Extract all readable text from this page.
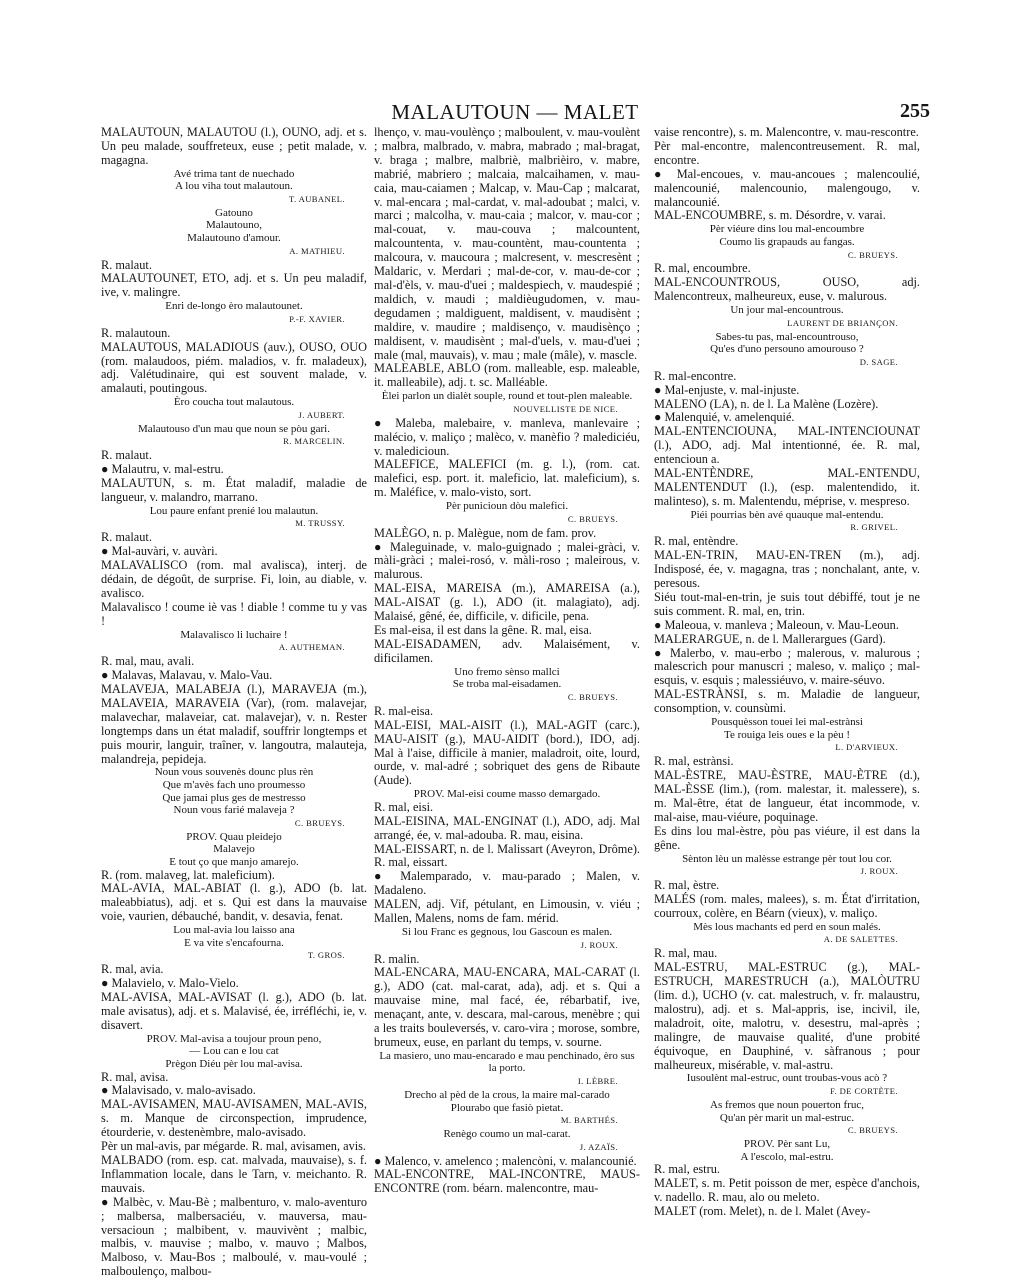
MALAUTOUN — MALET	255

MALAUTOUN, MALAUTOU (l.), OUNO, adj. et s. Un peu malade, souffreteux, euse ; petit malade, v. magagna.

Avé trima tant de nuechado

A lou viha tout malautoun.

T. AUBANEL.

Gatouno

Malautouno,

Malautouno d'amour.

A. MATHIEU.

R. malaut.

MALAUTOUNET, ETO, adj. et s. Un peu maladif, ive, v. malingre.

Enri de-longo èro malautounet.

P.-F. XAVIER.

R. malautoun.

MALAUTOUS, MALADIOUS (auv.), OUSO, OUO (rom. malaudoos, piém. maladios, v. fr. maladeux), adj. Valétudinaire, qui est souvent malade, v. amalauti, poutingous.

Èro coucha tout malautous.

J. AUBERT.

Malautouso d'un mau que noun se pòu gari.

R. MARCELIN.

R. malaut.

● Malautru, v. mal-estru.

MALAUTUN, s. m. État maladif, maladie de langueur, v. malandro, marrano.

Lou paure enfant prenié lou malautun.

M. TRUSSY.

R. malaut.

● Mal-auvàri, v. auvàri.

MALAVALISCO (rom. mal avalisca), interj. de dédain, de dégoût, de surprise. Fi, loin, au diable, v. avalisco.

Malavalisco ! coume iè vas ! diable ! comme tu y vas !

Malavalisco li luchaire !

A. AUTHEMAN.

R. mal, mau, avali.

● Malavas, Malavau, v. Malo-Vau.

MALAVEJA, MALABEJA (l.), MARAVEJA (m.), MALAVEIA, MARAVEIA (Var), (rom. malavejar, malavechar, malaveiar, cat. malavejar), v. n. Rester longtemps dans un état maladif, souffrir longtemps et puis mourir, languir, traîner, v. langoutra, malauteja, malandreja, pepideja.

Noun vous souvenès dounc plus rèn

Que m'avès fach uno proumesso

Que jamai plus ges de mestresso

Noun vous farié malaveja ?

C. BRUEYS.

PROV. Quau pleidejo

Malavejo

E tout ço que manjo amarejo.

R. (rom. malaveg, lat. maleficium).

MAL-AVIA, MAL-ABIAT (l. g.), ADO (b. lat. maleabbiatus), adj. et s. Qui est dans la mauvaise voie, vaurien, débauché, bandit, v. desavia, fenat.

Lou mal-avia lou laisso ana

E va vite s'encafourna.

T. GROS.

R. mal, avia.

● Malavielo, v. Malo-Vielo.

MAL-AVISA, MAL-AVISAT (l. g.), ADO (b. lat. male avisatus), adj. et s. Malavisé, ée, irréfléchi, ie, v. disavert.

PROV. Mal-avisa a toujour proun peno,

— Lou can e lou cat

Prègon Diéu pèr lou mal-avisa.

R. mal, avisa.

● Malavisado, v. malo-avisado.

MAL-AVISAMEN, MAU-AVISAMEN, MAL-AVIS, s. m. Manque de circonspection, imprudence, étourderie, v. destenèmbre, malo-avisado.

Pèr un mal-avis, par mégarde. R. mal, avisamen, avis.

MALBADO (rom. esp. cat. malvada, mauvaise), s. f. Inflammation locale, dans le Tarn, v. meichanto. R. mauvais.

● Malbèc, v. Mau-Bè ; malbenturo, v. malo-aventuro ; malbersa, malbersaciéu, v. mauversa, mau-versacioun ; malbibent, v. mauvivènt ; malbic, malbis, v. mauvise ; malbo, v. mauvo ; Malbos, Malboso, v. Mau-Bos ; malboulé, v. mau-voulé ; malboulenço, malbou-

lhenço, v. mau-voulènço ; malboulent, v. mau-voulènt ; malbra, malbrado, v. mabra, mabrado ; mal-bragat, v. braga ; malbre, malbriè, malbrièiro, v. mabre, mabrié, mabriero ; malcaia, malcaihamen, v. mau-caia, mau-caiamen ; Malcap, v. Mau-Cap ; malcarat, v. mal-encara ; mal-cardat, v. mal-adoubat ; malci, v. marci ; malcolha, v. mau-caia ; malcor, v. mau-cor ; mal-couat, v. mau-couva ; malcountent, malcountenta, v. mau-countènt, mau-countenta ; malcoura, v. maucoura ; malcresent, v. mescresènt ; Maldaric, v. Merdari ; mal-de-cor, v. mau-de-cor ; mal-d'èls, v. mau-d'uei ; maldespiech, v. maudespié ; maldich, v. maudi ; maldièugudomen, v. mau-degudamen ; maldiguent, maldisent, v. maudisènt ; maldire, v. maudire ; maldisenço, v. maudisènço ; maldisent, v. maudisènt ; mal-d'uels, v. mau-d'uei ; male (mal, mauvais), v. mau ; male (mâle), v. mascle.

MALEABLE, ABLO (rom. malleable, esp. maleable, it. malleabile), adj. t. sc. Malléable.

Èlei parlon un dialèt souple, round et tout-plen maleable.

NOUVELLISTE DE NICE.

● Maleba, malebaire, v. manleva, manlevaire ; malécio, v. maliço ; malèco, v. manèfio ? malediciéu, v. maledicioun.

MALEFICE, MALEFICI (m. g. l.), (rom. cat. malefici, esp. port. it. maleficio, lat. maleficium), s. m. Maléfice, v. malo-visto, sort.

Pèr punicioun dòu malefici.

C. BRUEYS.

MALÈGO, n. p. Malègue, nom de fam. prov.

● Maleguinade, v. malo-guignado ; malei-gràci, v. màli-gràci ; malei-rosó, v. màli-roso ; maleirous, v. malurous.

MAL-EISA, MAREISA (m.), AMAREISA (a.), MAL-AISAT (g. l.), ADO (it. malagiato), adj. Malaisé, gêné, ée, difficile, v. dificile, pena.

Es mal-eisa, il est dans la gêne. R. mal, eisa.

MAL-EISADAMEN, adv. Malaisément, v. dificilamen.

Uno fremo sènso mallci

Se troba mal-eisadamen.

C. BRUEYS.

R. mal-eisa.

MAL-EISI, MAL-AISIT (l.), MAL-AGIT (carc.), MAU-AISIT (g.), MAU-AIDIT (bord.), IDO, adj. Mal à l'aise, difficile à manier, maladroit, oite, lourd, ourde, v. mal-adré ; sobriquet des gens de Ribaute (Aude).

PROV. Mal-eisi coume masso demargado.

R. mal, eisi.

MAL-EISINA, MAL-ENGINAT (l.), ADO, adj. Mal arrangé, ée, v. mal-adouba. R. mau, eisina.

MAL-EISSART, n. de l. Malissart (Aveyron, Drôme). R. mal, eissart.

● Malemparado, v. mau-parado ; Malen, v. Madaleno.

MALEN, adj. Vif, pétulant, en Limousin, v. viéu ; Mallen, Malens, noms de fam. mérid.

Si lou Franc es gegnous, lou Gascoun es malen.

J. ROUX.

R. malin.

MAL-ENCARA, MAU-ENCARA, MAL-CARAT (l. g.), ADO (cat. mal-carat, ada), adj. et s. Qui a mauvaise mine, mal facé, ée, rébarbatif, ive, menaçant, ante, v. descara, mal-carous, menèbre ; qui a les traits bouleversés, v. caro-vira ; morose, sombre, brumeux, euse, en parlant du temps, v. sourne.

La masiero, uno mau-encarado e mau penchinado, èro sus la porto.

I. LÈBRE.

Drecho al pèd de la crous, la maire mal-carado

Plourabo que fasiò pietat.

M. BARTHÉS.

Renègo coumo un mal-carat.

J. AZAÏS.

● Malenco, v. amelenco ; malencòni, v. malancounié.

MAL-ENCONTRE, MAL-INCONTRE, MAUS-ENCONTRE (rom. béarn. malencontre, mau-

vaise rencontre), s. m. Malencontre, v. mau-rescontre.

Pèr mal-encontre, malencontreusement. R. mal, encontre.

● Mal-encoues, v. mau-ancoues ; malencoulié, malencounié, malencounio, malengougo, v. malancounié.

MAL-ENCOUMBRE, s. m. Désordre, v. varai.

Pèr viéure dins lou mal-encoumbre

Coumo lis grapauds au fangas.

C. BRUEYS.

R. mal, encoumbre.

MAL-ENCOUNTROUS, OUSO, adj. Malencontreux, malheureux, euse, v. malurous.

Un jour mal-encountrous.

LAURENT DE BRIANÇON.

Sabes-tu pas, mal-encountrouso,

Qu'es d'uno persouno amourouso ?

D. SAGE.

R. mal-encontre.

● Mal-enjuste, v. mal-injuste.

MALENO (LA), n. de l. La Malène (Lozère).

● Malenquié, v. amelenquié.

MAL-ENTENCIOUNA, MAL-INTENCIOUNAT (l.), ADO, adj. Mal intentionné, ée. R. mal, entencioun a.

MAL-ENTÈNDRE, MAL-ENTENDU, MALENTENDUT (l.), (esp. malentendido, it. malinteso), s. m. Malentendu, méprise, v. mespreso.

Piéi pourrias bèn avé quauque mal-entendu.

R. GRIVEL.

R. mal, entèndre.

MAL-EN-TRIN, MAU-EN-TREN (m.), adj. Indisposé, ée, v. magagna, tras ; nonchalant, ante, v. peresous.

Siéu tout-mal-en-trin, je suis tout débiffé, tout je ne suis comment. R. mal, en, trin.

● Maleoua, v. manleva ; Maleoun, v. Mau-Leoun.

MALERARGUE, n. de l. Mallerargues (Gard).

● Malerbo, v. mau-erbo ; malerous, v. malurous ; malescrich pour manuscri ; maleso, v. maliço ; mal-esquis, v. esquis ; malessiéuvo, v. maire-séuvo.

MAL-ESTRÀNSI, s. m. Maladie de langueur, consomption, v. counsùmi.

Pousquèsson touei lei mal-estrànsi

Te rouiga leis oues e la pèu !

L. D'ARVIEUX.

R. mal, estrànsi.

MAL-ÈSTRE, MAU-ÈSTRE, MAU-ÈTRE (d.), MAL-ÈSSE (lim.), (rom. malestar, it. malessere), s. m. Mal-être, état de langueur, état incommode, v. mal-aise, mau-viéure, poquinage.

Es dins lou mal-èstre, pòu pas viéure, il est dans la gêne.

Sènton lèu un malèsse estrange pèr tout lou cor.

J. ROUX.

R. mal, èstre.

MALÉS (rom. males, malees), s. m. État d'irritation, courroux, colère, en Béarn (vieux), v. maliço.

Mès lous machants ed perd en soun malés.

A. DE SALETTES.

R. mal, mau.

MAL-ESTRU, MAL-ESTRUC (g.), MAL-ESTRUCH, MARESTRUCH (a.), MALÒUTRU (lim. d.), UCHO (v. cat. malestruch, v. fr. malaustru, malostru), adj. et s. Mal-appris, ise, incivil, ile, maladroit, oite, malotru, v. desestru, mal-après ; malingre, de mauvaise qualité, d'une probité équivoque, en Dauphiné, v. sàfranous ; pour malheureux, misérable, v. mal-astru.

Iusoulènt mal-estruc, ount troubas-vous acò ?

F. DE CORTÈTE.

As fremos que noun pouerton fruc,

Qu'an pèr marit un mal-estruc.

C. BRUEYS.

PROV. Pèr sant Lu,

A l'escolo, mal-estru.

R. mal, estru.

MALET, s. m. Petit poisson de mer, espèce d'anchois, v. nadello. R. mau, alo ou meleto.

MALET (rom. Melet), n. de l. Malet (Avey-
